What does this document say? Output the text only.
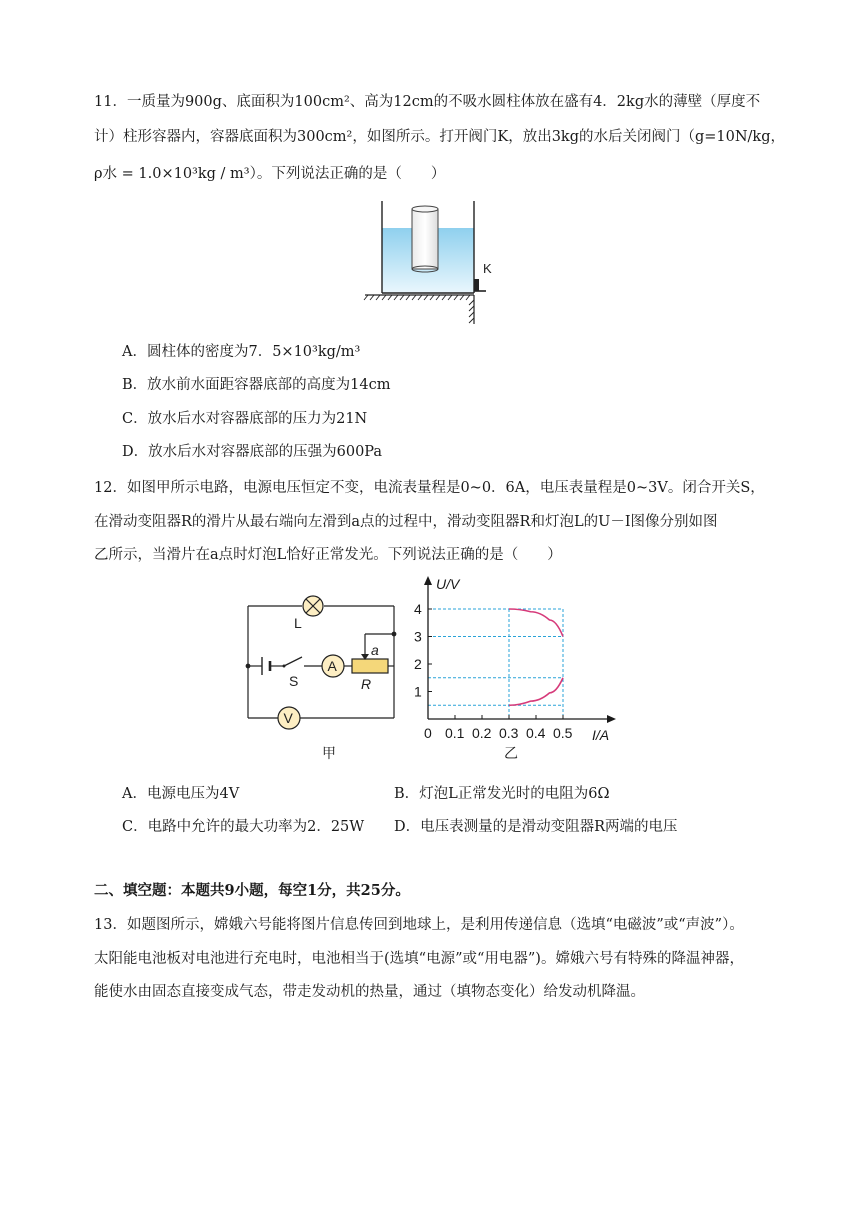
11．一质量为900g、底面积为100cm²、高为12cm的不吸水圆柱体放在盛有4．2kg水的薄壁（厚度不
计）柱形容器内，容器底面积为300cm²，如图所示。打开阀门K，放出3kg的水后关闭阀门（g=10N/kg，
ρ水 = 1.0×10³kg / m³）。下列说法正确的是（　　）
K
A．圆柱体的密度为7．5×10³kg/m³
B．放水前水面距容器底部的高度为14cm
C．放水后水对容器底部的压力为21N
D．放水后水对容器底部的压强为600Pa
12．如图甲所示电路，电源电压恒定不变，电流表量程是0~0．6A，电压表量程是0~3V。闭合开关S，
在滑动变阻器R的滑片从最右端向左滑到a点的过程中，滑动变阻器R和灯泡L的U－I图像分别如图
乙所示，当滑片在a点时灯泡L恰好正常发光。下列说法正确的是（　　）
L
A
a
R
S
V
甲
1
2
3
4
0 0.1 0.2 0.3 0.4 0.5
U/V
I/A
乙
A．电源电压为4V	B．灯泡L正常发光时的电阻为6Ω
C．电路中允许的最大功率为2．25W D．电压表测量的是滑动变阻器R两端的电压
二、填空题：本题共9小题，每空1分，共25分。
13．如题图所示，嫦娥六号能将图片信息传回到地球上，是利用传递信息（选填“电磁波”或“声波”）。
太阳能电池板对电池进行充电时，电池相当于(选填“电源”或“用电器”)。嫦娥六号有特殊的降温神器，
能使水由固态直接变成气态，带走发动机的热量，通过（填物态变化）给发动机降温。
